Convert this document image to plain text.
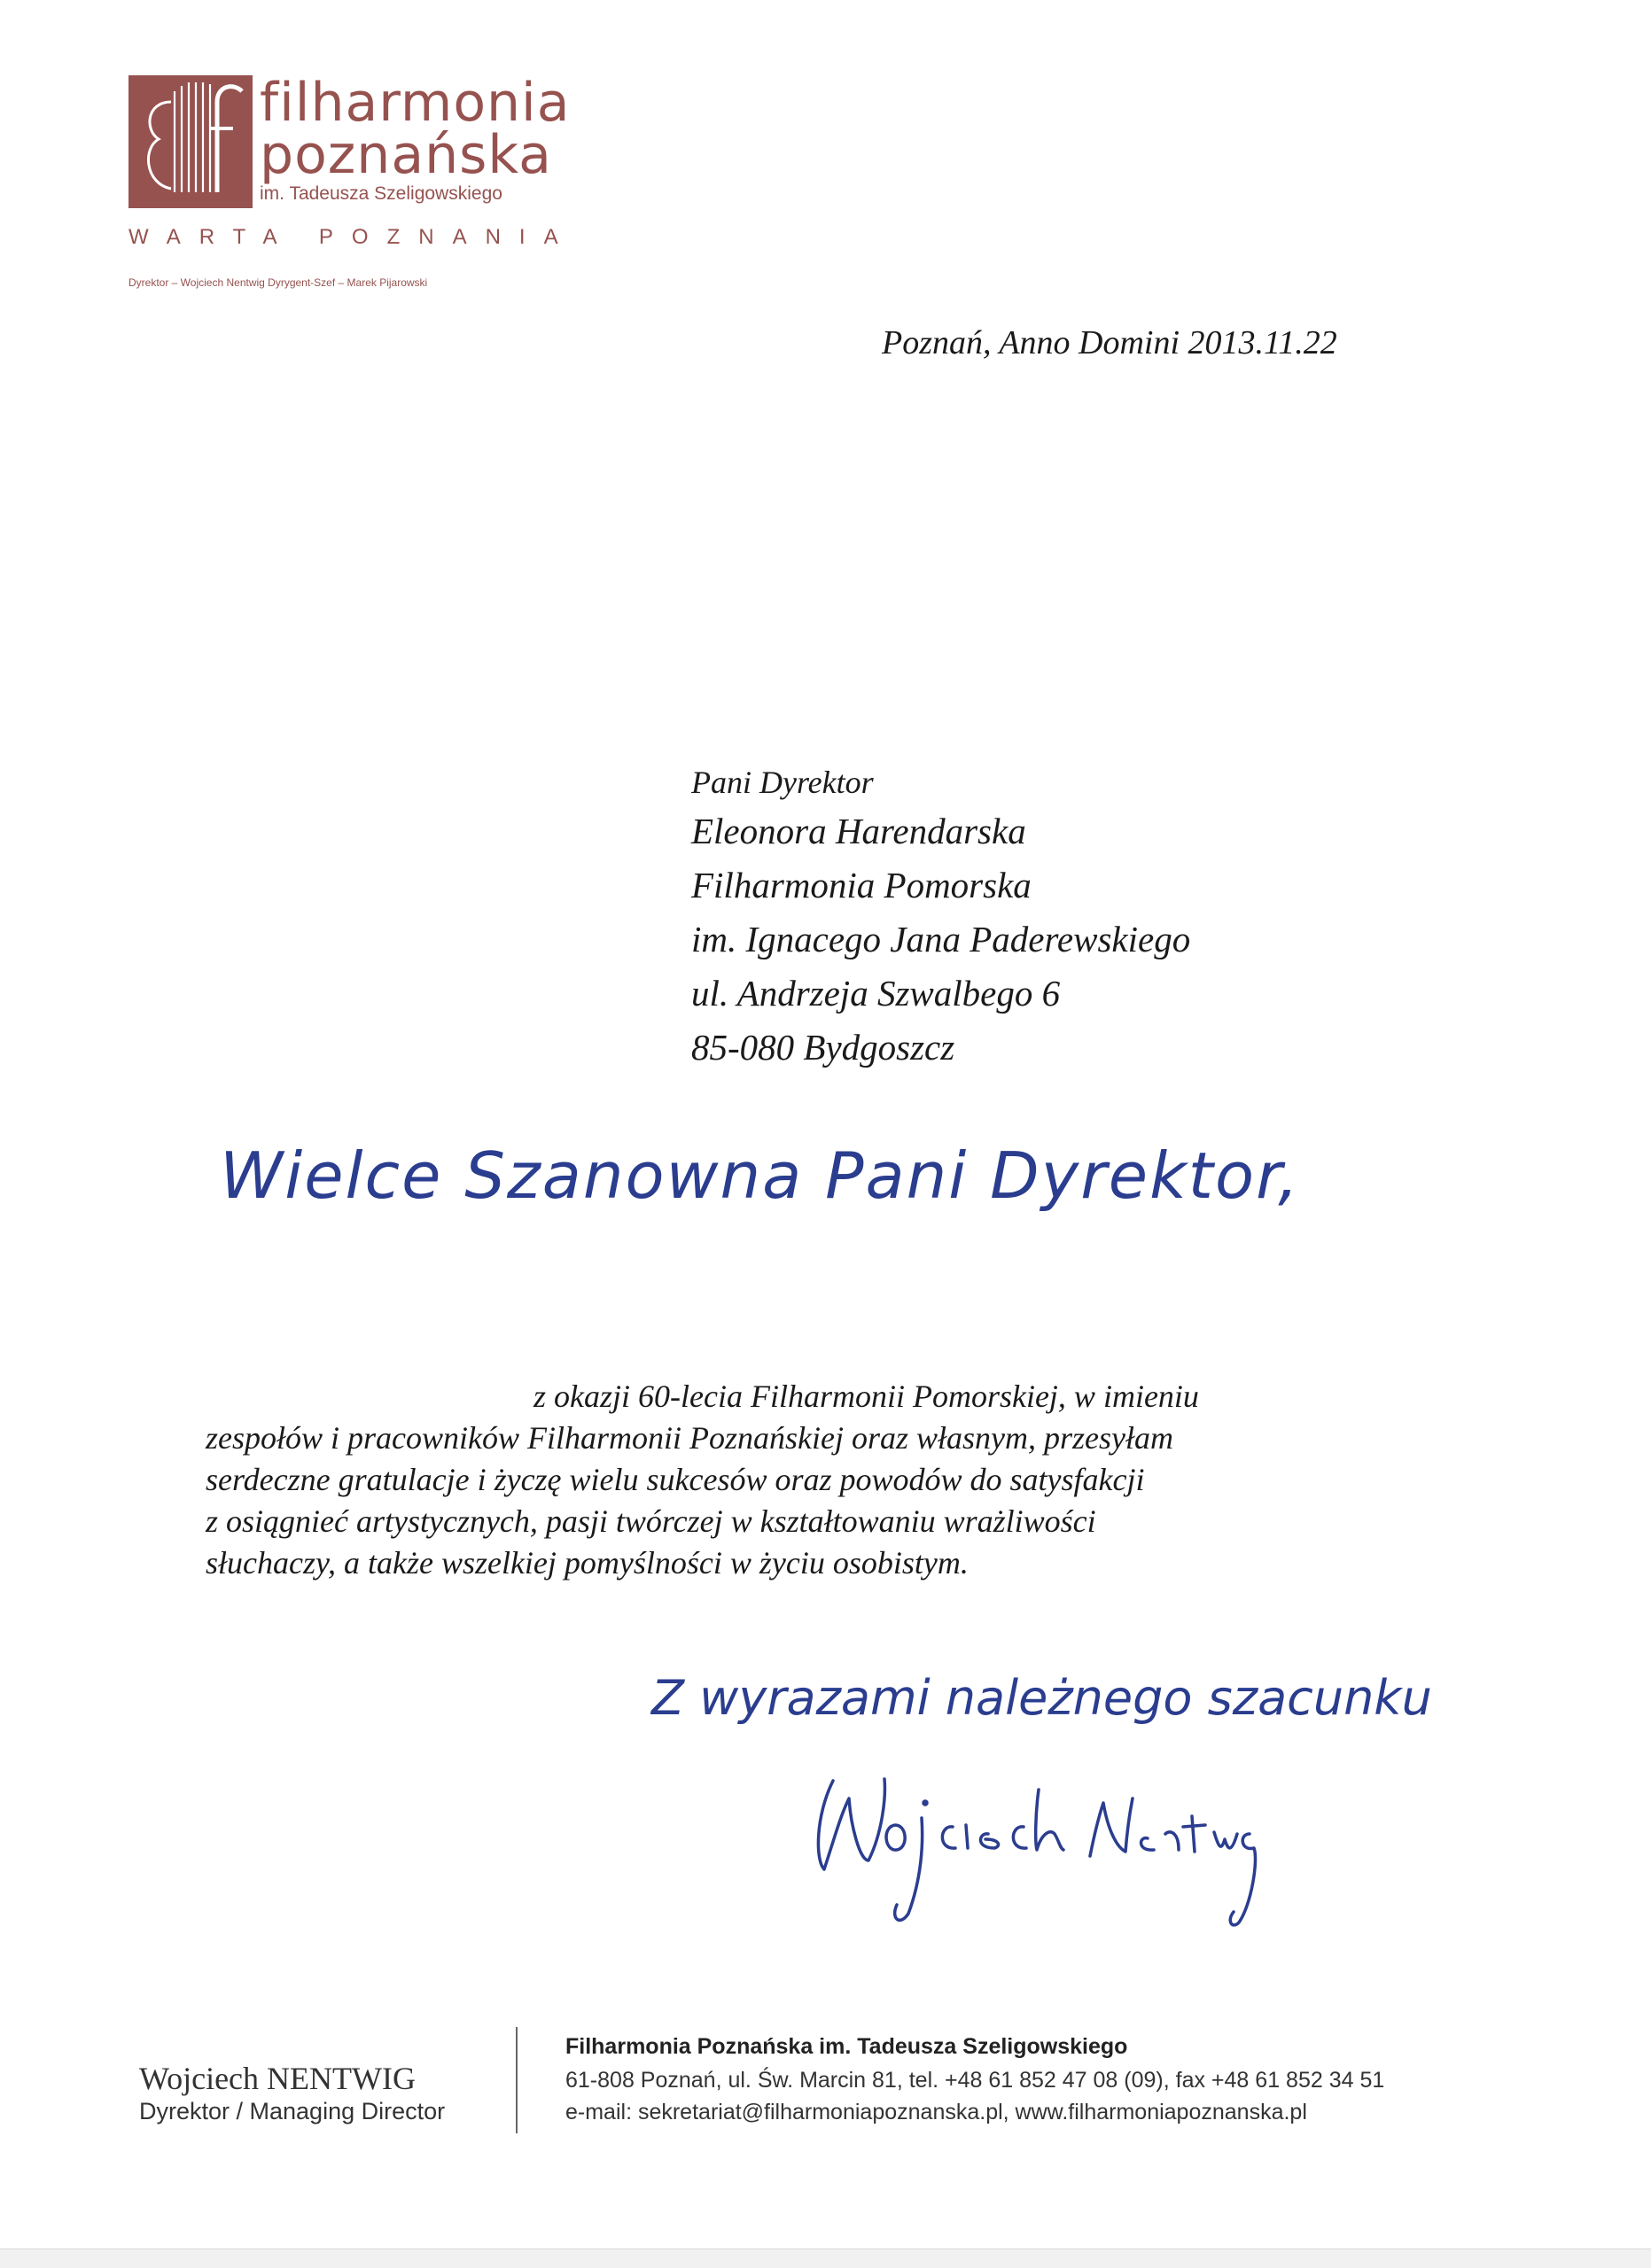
filharmonia
poznańska
im. Tadeusza Szeligowskiego
WARTA POZNANIA
Dyrektor – Wojciech Nentwig Dyrygent-Szef – Marek Pijarowski
Poznań, Anno Domini 2013.11.22
Pani Dyrektor
Eleonora Harendarska
Filharmonia Pomorska
im. Ignacego Jana Paderewskiego
ul. Andrzeja Szwalbego 6
85-080 Bydgoszcz
Wielce Szanowna Pani Dyrektor,
z okazji 60-lecia Filharmonii Pomorskiej, w imieniu
zespołów i pracowników Filharmonii Poznańskiej oraz własnym, przesyłam
serdeczne gratulacje i życzę wielu sukcesów oraz powodów do satysfakcji
z osiągnieć artystycznych, pasji twórczej w kształtowaniu wrażliwości
słuchaczy, a także wszelkiej pomyślności w życiu osobistym.
Z wyrazami należnego szacunku
Wojciech NENTWIG
Dyrektor / Managing Director
Filharmonia Poznańska im. Tadeusza Szeligowskiego
61-808 Poznań, ul. Św. Marcin 81, tel. +48 61 852 47 08 (09), fax +48 61 852 34 51
e-mail: sekretariat@filharmoniapoznanska.pl, www.filharmoniapoznanska.pl
